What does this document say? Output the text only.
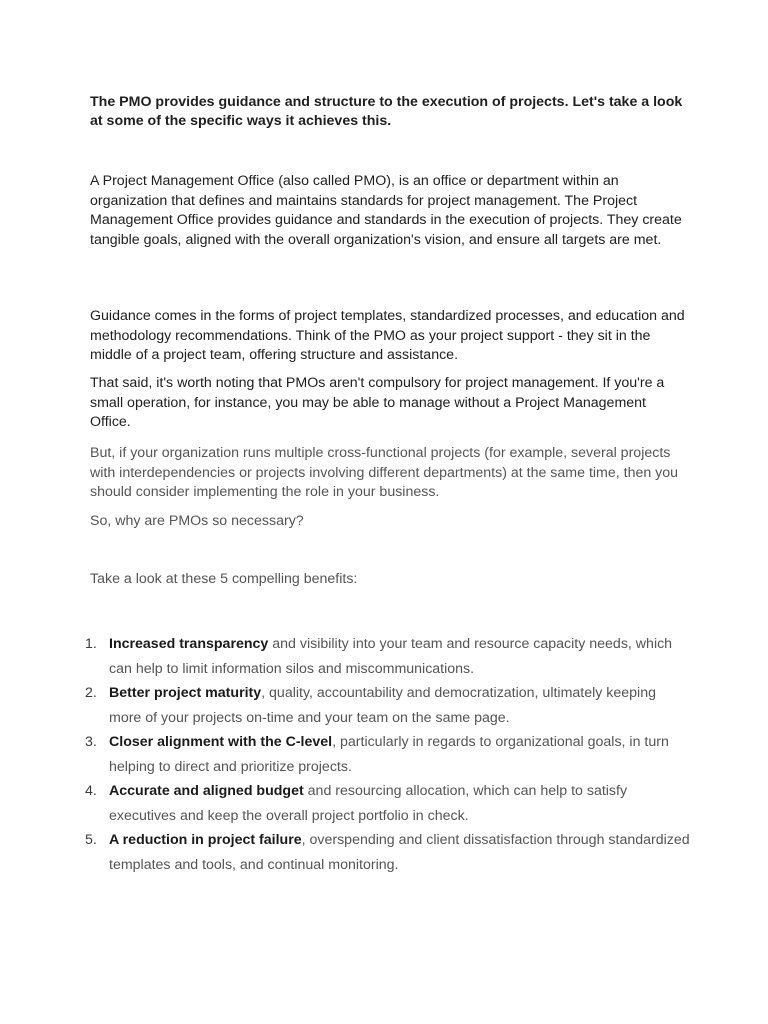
The PMO provides guidance and structure to the execution of projects. Let's take a look at some of the specific ways it achieves this.

A Project Management Office (also called PMO), is an office or department within an organization that defines and maintains standards for project management. The Project Management Office provides guidance and standards in the execution of projects. They create tangible goals, aligned with the overall organization's vision, and ensure all targets are met.

Guidance comes in the forms of project templates, standardized processes, and education and methodology recommendations. Think of the PMO as your project support - they sit in the middle of a project team, offering structure and assistance.

That said, it's worth noting that PMOs aren't compulsory for project management. If you're a small operation, for instance, you may be able to manage without a Project Management Office.

But, if your organization runs multiple cross-functional projects (for example, several projects with interdependencies or projects involving different departments) at the same time, then you should consider implementing the role in your business.

So, why are PMOs so necessary?

Take a look at these 5 compelling benefits:

1. Increased transparency and visibility into your team and resource capacity needs, which can help to limit information silos and miscommunications.
2. Better project maturity, quality, accountability and democratization, ultimately keeping more of your projects on-time and your team on the same page.
3. Closer alignment with the C-level, particularly in regards to organizational goals, in turn helping to direct and prioritize projects.
4. Accurate and aligned budget and resourcing allocation, which can help to satisfy executives and keep the overall project portfolio in check.
5. A reduction in project failure, overspending and client dissatisfaction through standardized templates and tools, and continual monitoring.
